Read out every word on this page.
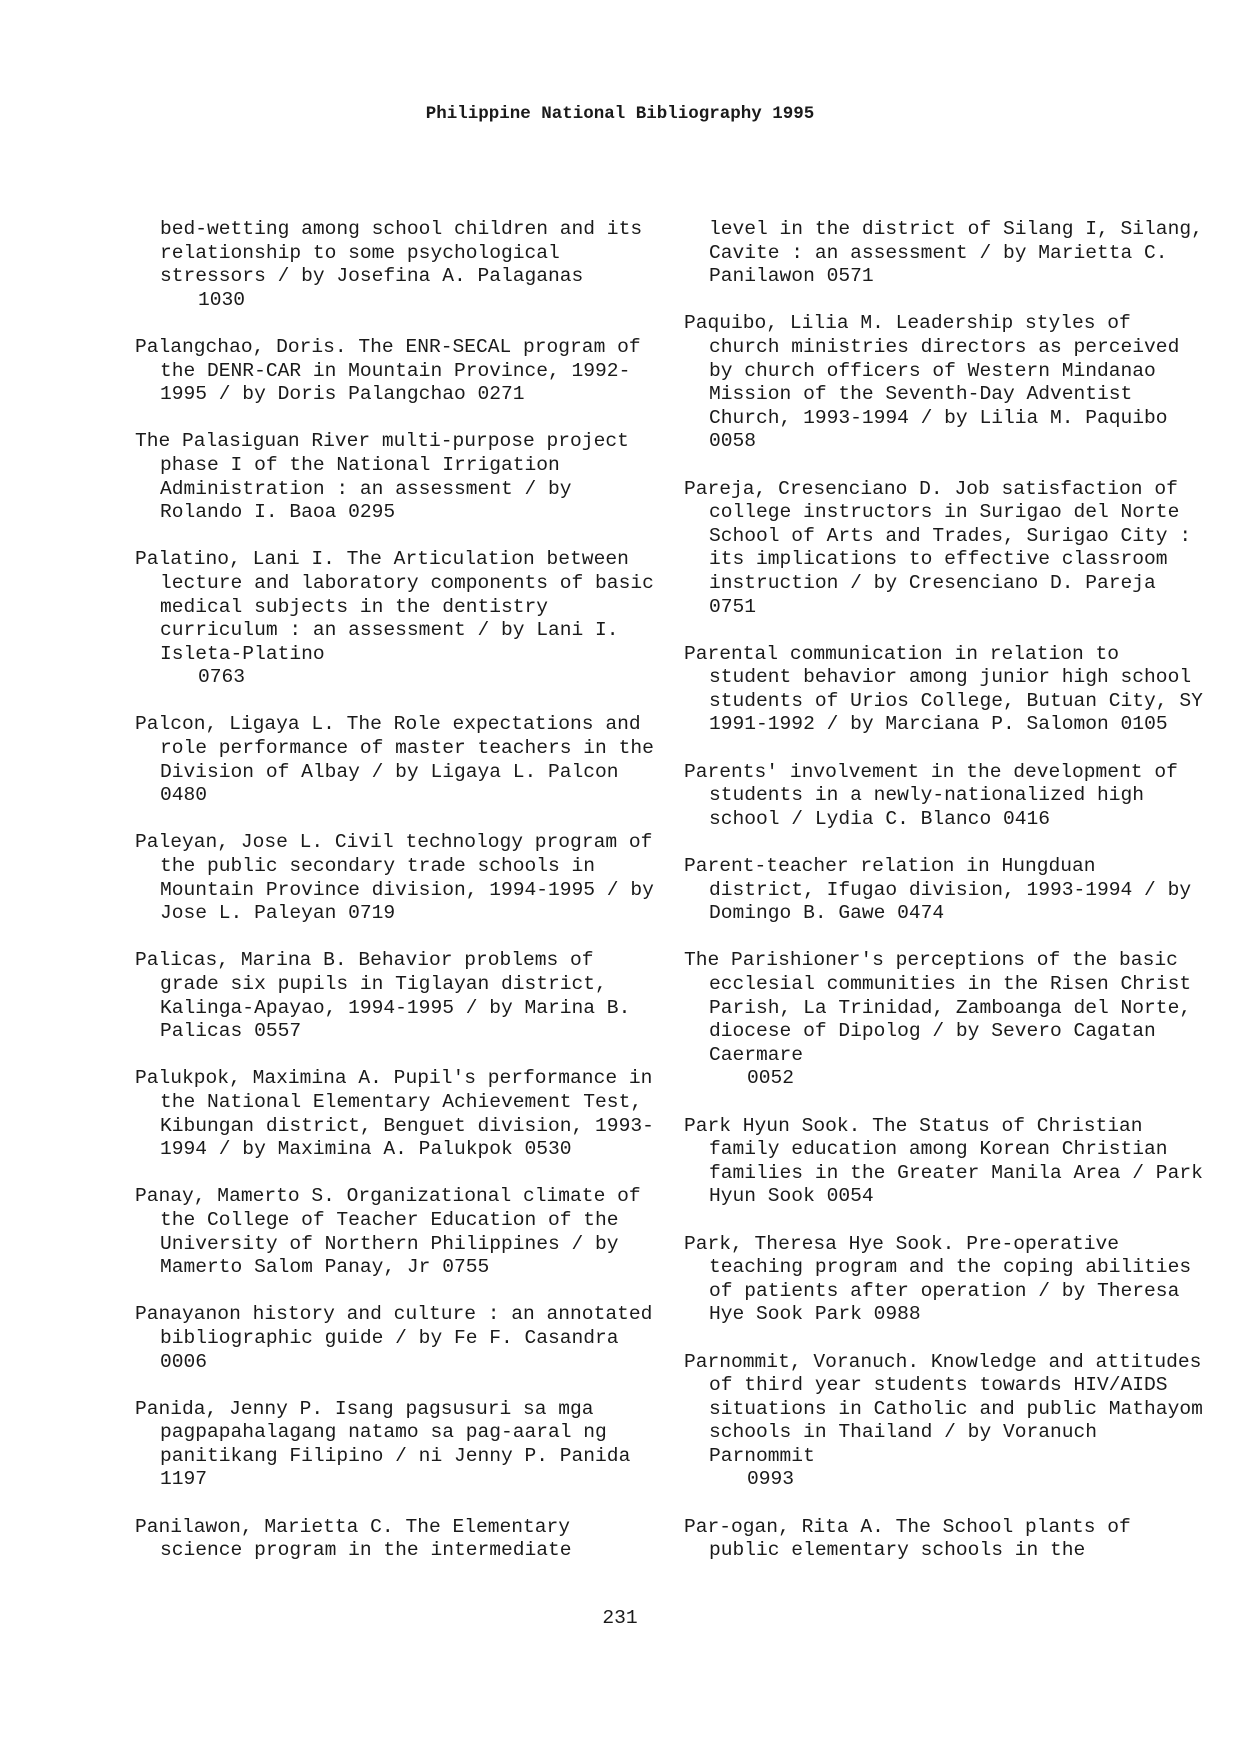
Philippine National Bibliography 1995
bed-wetting among school children and its relationship to some psychological stressors / by Josefina A. Palaganas
1030
Palangchao, Doris. The ENR-SECAL program of the DENR-CAR in Mountain Province, 1992-1995 / by Doris Palangchao 0271
The Palasiguan River multi-purpose project phase I of the National Irrigation Administration : an assessment / by Rolando I. Baoa 0295
Palatino, Lani I. The Articulation between lecture and laboratory components of basic medical subjects in the dentistry curriculum : an assessment / by Lani I. Isleta-Platino
0763
Palcon, Ligaya L. The Role expectations and role performance of master teachers in the Division of Albay / by Ligaya L. Palcon 0480
Paleyan, Jose L. Civil technology program of the public secondary trade schools in Mountain Province division, 1994-1995 / by Jose L. Paleyan 0719
Palicas, Marina B. Behavior problems of grade six pupils in Tiglayan district, Kalinga-Apayao, 1994-1995 / by Marina B. Palicas 0557
Palukpok, Maximina A. Pupil's performance in the National Elementary Achievement Test, Kibungan district, Benguet division, 1993-1994 / by Maximina A. Palukpok 0530
Panay, Mamerto S. Organizational climate of the College of Teacher Education of the University of Northern Philippines / by Mamerto Salom Panay, Jr 0755
Panayanon history and culture : an annotated bibliographic guide / by Fe F. Casandra 0006
Panida, Jenny P. Isang pagsusuri sa mga pagpapahalagang natamo sa pag-aaral ng panitikang Filipino / ni Jenny P. Panida 1197
Panilawon, Marietta C. The Elementary science program in the intermediate
level in the district of Silang I, Silang, Cavite : an assessment / by Marietta C. Panilawon 0571
Paquibo, Lilia M. Leadership styles of church ministries directors as perceived by church officers of Western Mindanao Mission of the Seventh-Day Adventist Church, 1993-1994 / by Lilia M. Paquibo 0058
Pareja, Cresenciano D. Job satisfaction of college instructors in Surigao del Norte School of Arts and Trades, Surigao City : its implications to effective classroom instruction / by Cresenciano D. Pareja 0751
Parental communication in relation to student behavior among junior high school students of Urios College, Butuan City, SY 1991-1992 / by Marciana P. Salomon 0105
Parents' involvement in the development of students in a newly-nationalized high school / Lydia C. Blanco 0416
Parent-teacher relation in Hungduan district, Ifugao division, 1993-1994 / by Domingo B. Gawe 0474
The Parishioner's perceptions of the basic ecclesial communities in the Risen Christ Parish, La Trinidad, Zamboanga del Norte, diocese of Dipolog / by Severo Cagatan Caermare
0052
Park Hyun Sook. The Status of Christian family education among Korean Christian families in the Greater Manila Area / Park Hyun Sook 0054
Park, Theresa Hye Sook. Pre-operative teaching program and the coping abilities of patients after operation / by Theresa Hye Sook Park 0988
Parnommit, Voranuch. Knowledge and attitudes of third year students towards HIV/AIDS situations in Catholic and public Mathayom schools in Thailand / by Voranuch Parnommit
0993
Par-ogan, Rita A. The School plants of public elementary schools in the
231
